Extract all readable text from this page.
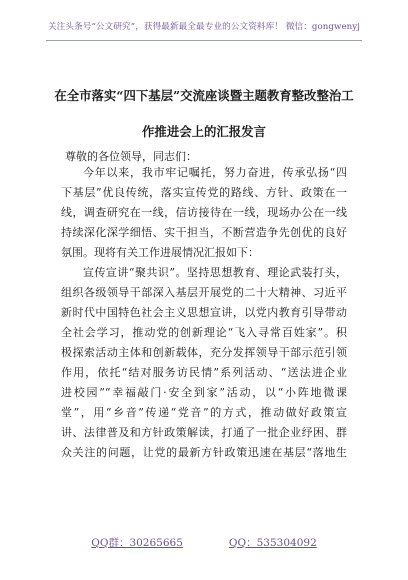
关注头条号“公文研究”，获得最新最全最专业的公文资料库！ 微信：gongwenyj
在全市落实“四下基层”交流座谈暨主题教育整改整治工
作推进会上的汇报发言
尊敬的各位领导，同志们：
今年以来，我市牢记嘱托，努力奋进，传承弘扬“四
下基层”优良传统，落实宣传党的路线、方针、政策在一
线，调查研究在一线，信访接待在一线，现场办公在一线
持续深化深学细悟、实干担当，不断营造争先创优的良好
氛围。现将有关工作进展情况汇报如下：
宣传宣讲“聚共识”。坚持思想教育、理论武装打头，
组织各级领导干部深入基层开展党的二十大精神、习近平
新时代中国特色社会主义思想宣讲，以党内教育引导带动
全社会学习，推动党的创新理论“飞入寻常百姓家”。积
极探索活动主体和创新载体，充分发挥领导干部示范引领
作用，依托“结对服务访民情”系列活动、“送法进企业
进校园”“幸福敲门·安全到家”活动，以“小阵地微课
堂”，用“乡音”传递“党音”的方式，推动做好政策宣
讲、法律普及和方针政策解读，打通了一批企业纾困、群
众关注的问题，让党的最新方针政策迅速在基层“落地生
QQ群：30265665	QQ：535304092
